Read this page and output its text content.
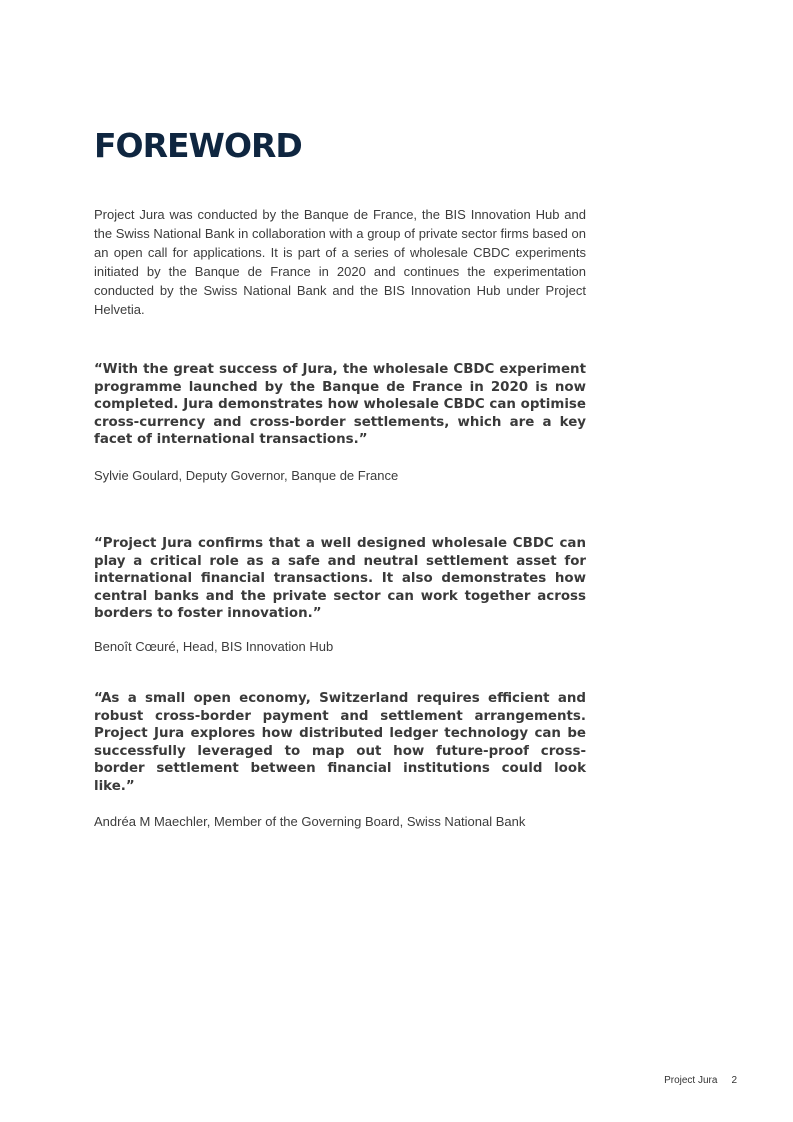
FOREWORD

Project Jura was conducted by the Banque de France, the BIS Innovation Hub and the Swiss National Bank in collaboration with a group of private sector firms based on an open call for applications. It is part of a series of wholesale CBDC experiments initiated by the Banque de France in 2020 and continues the experimentation conducted by the Swiss National Bank and the BIS Innovation Hub under Project Helvetia.

“With the great success of Jura, the wholesale CBDC experiment programme launched by the Banque de France in 2020 is now completed. Jura demonstrates how wholesale CBDC can optimise cross-currency and cross-border settlements, which are a key facet of international transactions.”

Sylvie Goulard, Deputy Governor, Banque de France

“Project Jura confirms that a well designed wholesale CBDC can play a critical role as a safe and neutral settlement asset for international financial transactions. It also demonstrates how central banks and the private sector can work together across borders to foster innovation.”

Benoît Cœuré, Head, BIS Innovation Hub

“As a small open economy, Switzerland requires efficient and robust cross-border payment and settlement arrangements. Project Jura explores how distributed ledger technology can be successfully leveraged to map out how future-proof cross-border settlement between financial institutions could look like.”

Andréa M Maechler, Member of the Governing Board, Swiss National Bank

Project Jura 2
